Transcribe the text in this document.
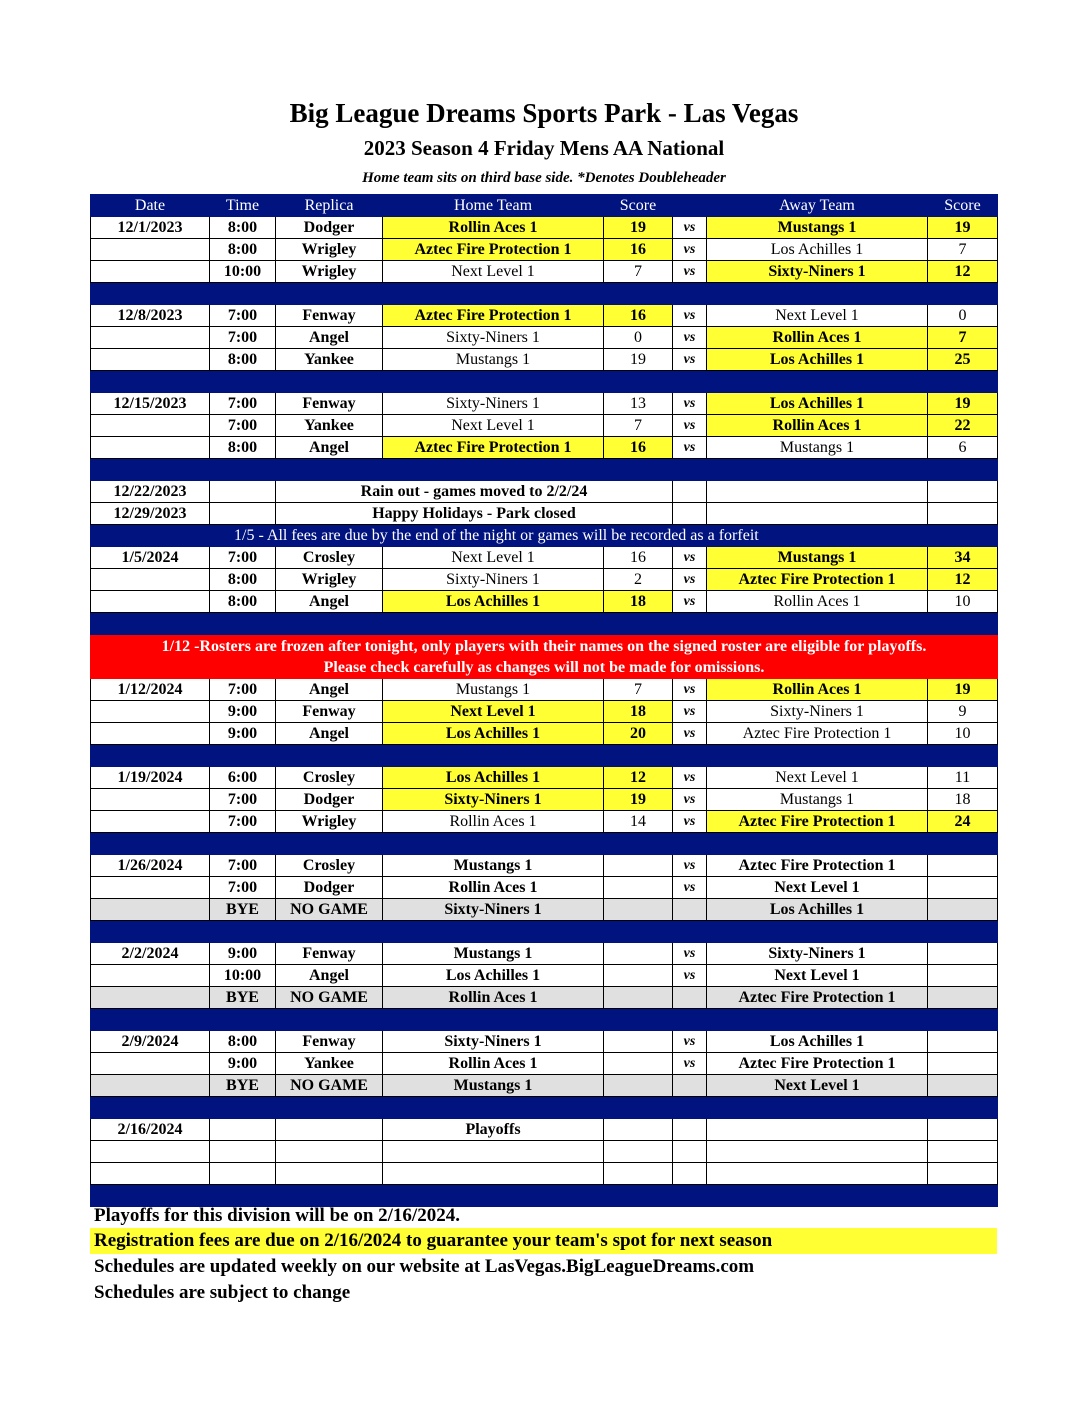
Big League Dreams Sports Park - Las Vegas
2023 Season 4 Friday Mens AA National
Home team sits on third base side. *Denotes Doubleheader
Date	Time	Replica	Home Team	Score		Away Team	Score
12/1/2023	8:00	Dodger	Rollin Aces 1	19	vs	Mustangs 1	19
	8:00	Wrigley	Aztec Fire Protection 1	16	vs	Los Achilles 1	7
	10:00	Wrigley	Next Level 1	7	vs	Sixty-Niners 1	12

12/8/2023	7:00	Fenway	Aztec Fire Protection 1	16	vs	Next Level 1	0
	7:00	Angel	Sixty-Niners 1	0	vs	Rollin Aces 1	7
	8:00	Yankee	Mustangs 1	19	vs	Los Achilles 1	25

12/15/2023	7:00	Fenway	Sixty-Niners 1	13	vs	Los Achilles 1	19
	7:00	Yankee	Next Level 1	7	vs	Rollin Aces 1	22
	8:00	Angel	Aztec Fire Protection 1	16	vs	Mustangs 1	6

12/22/2023		Rain out - games moved to 2/2/24					
12/29/2023		Happy Holidays - Park closed					
	1/5 - All fees are due by the end of the night or games will be recorded as a forfeit						
1/5/2024	7:00	Crosley	Next Level 1	16	vs	Mustangs 1	34
	8:00	Wrigley	Sixty-Niners 1	2	vs	Aztec Fire Protection 1	12
	8:00	Angel	Los Achilles 1	18	vs	Rollin Aces 1	10

1/12 -Rosters are frozen after tonight, only players with their names on the signed roster are eligible for playoffs.
Please check carefully as changes will not be made for omissions.							

1/12/2024	7:00	Angel	Mustangs 1	7	vs	Rollin Aces 1	19
	9:00	Fenway	Next Level 1	18	vs	Sixty-Niners 1	9
	9:00	Angel	Los Achilles 1	20	vs	Aztec Fire Protection 1	10

1/19/2024	6:00	Crosley	Los Achilles 1	12	vs	Next Level 1	11
	7:00	Dodger	Sixty-Niners 1	19	vs	Mustangs 1	18
	7:00	Wrigley	Rollin Aces 1	14	vs	Aztec Fire Protection 1	24

1/26/2024	7:00	Crosley	Mustangs 1		vs	Aztec Fire Protection 1	
	7:00	Dodger	Rollin Aces 1		vs	Next Level 1	
	BYE	NO GAME	Sixty-Niners 1			Los Achilles 1	

2/2/2024	9:00	Fenway	Mustangs 1		vs	Sixty-Niners 1	
	10:00	Angel	Los Achilles 1		vs	Next Level 1	
	BYE	NO GAME	Rollin Aces 1			Aztec Fire Protection 1	

2/9/2024	8:00	Fenway	Sixty-Niners 1		vs	Los Achilles 1	
	9:00	Yankee	Rollin Aces 1		vs	Aztec Fire Protection 1	
	BYE	NO GAME	Mustangs 1			Next Level 1	

2/16/2024			Playoffs				

Playoffs for this division will be on 2/16/2024.
Registration fees are due on 2/16/2024 to guarantee your team's spot for next season
Schedules are updated weekly on our website at LasVegas.BigLeagueDreams.com
Schedules are subject to change
